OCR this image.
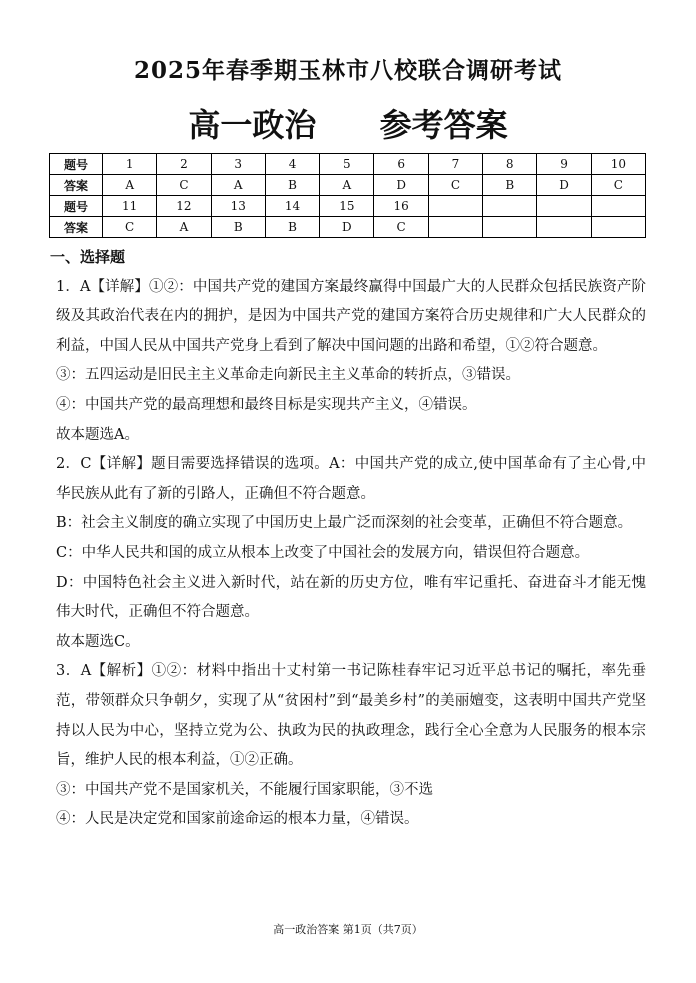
2025年春季期玉林市八校联合调研考试
高一政治 参考答案
题号	1	2	3	4	5	6	7	8	9	10
答案	A	C	A	B	A	D	C	B	D	C
题号	11	12	13	14	15	16				
答案	C	A	B	B	D	C				

一、选择题

1．A【详解】①②：中国共产党的建国方案最终赢得中国最广大的人民群众包括民族资产阶级及其政治代表在内的拥护，是因为中国共产党的建国方案符合历史规律和广大人民群众的利益，中国人民从中国共产党身上看到了解决中国问题的出路和希望，①②符合题意。

③：五四运动是旧民主主义革命走向新民主主义革命的转折点，③错误。

④：中国共产党的最高理想和最终目标是实现共产主义，④错误。

故本题选A。

2．C【详解】题目需要选择错误的选项。A：中国共产党的成立,使中国革命有了主心骨,中华民族从此有了新的引路人，正确但不符合题意。

B：社会主义制度的确立实现了中国历史上最广泛而深刻的社会变革，正确但不符合题意。

C：中华人民共和国的成立从根本上改变了中国社会的发展方向，错误但符合题意。

D：中国特色社会主义进入新时代，站在新的历史方位，唯有牢记重托、奋进奋斗才能无愧伟大时代，正确但不符合题意。

故本题选C。

3．A【解析】①②：材料中指出十丈村第一书记陈桂春牢记习近平总书记的嘱托，率先垂范，带领群众只争朝夕，实现了从“贫困村”到“最美乡村”的美丽嬗变，这表明中国共产党坚持以人民为中心，坚持立党为公、执政为民的执政理念，践行全心全意为人民服务的根本宗旨，维护人民的根本利益，①②正确。

③：中国共产党不是国家机关，不能履行国家职能，③不选

④：人民是决定党和国家前途命运的根本力量，④错误。

高一政治答案 第1页（共7页）
